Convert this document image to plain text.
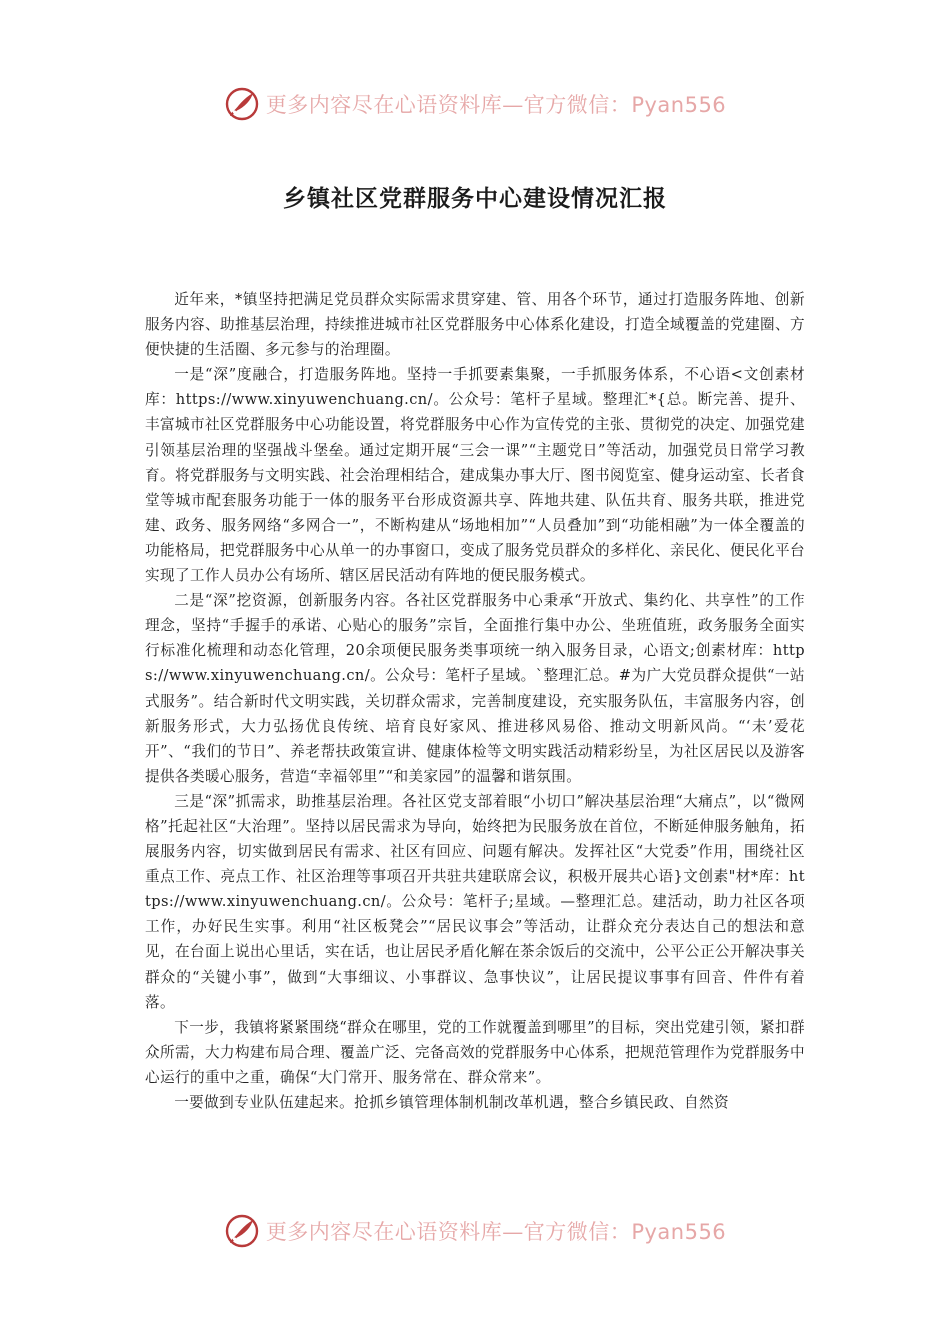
更多内容尽在心语资料库—官方微信：Pyan556
乡镇社区党群服务中心建设情况汇报

近年来，*镇坚持把满足党员群众实际需求贯穿建、管、用各个环节，通过打造服务阵地、创新服务内容、助推基层治理，持续推进城市社区党群服务中心体系化建设，打造全域覆盖的党建圈、方便快捷的生活圈、多元参与的治理圈。

一是“深”度融合，打造服务阵地。坚持一手抓要素集聚，一手抓服务体系，不心语<文创素材库：https://www.xinyuwenchuang.cn/。公众号：笔杆子星域。整理汇*{总。断完善、提升、丰富城市社区党群服务中心功能设置，将党群服务中心作为宣传党的主张、贯彻党的决定、加强党建引领基层治理的坚强战斗堡垒。通过定期开展“三会一课”“主题党日”等活动，加强党员日常学习教育。将党群服务与文明实践、社会治理相结合，建成集办事大厅、图书阅览室、健身运动室、长者食堂等城市配套服务功能于一体的服务平台形成资源共享、阵地共建、队伍共育、服务共联，推进党建、政务、服务网络“多网合一”，不断构建从“场地相加”“人员叠加”到“功能相融”为一体全覆盖的功能格局，把党群服务中心从单一的办事窗口，变成了服务党员群众的多样化、亲民化、便民化平台实现了工作人员办公有场所、辖区居民活动有阵地的便民服务模式。

二是“深”挖资源，创新服务内容。各社区党群服务中心秉承“开放式、集约化、共享性”的工作理念，坚持“手握手的承诺、心贴心的服务”宗旨，全面推行集中办公、坐班值班，政务服务全面实行标准化梳理和动态化管理，20余项便民服务类事项统一纳入服务目录，心语文;创素材库：https://www.xinyuwenchuang.cn/。公众号：笔杆子星域。`整理汇总。#为广大党员群众提供“一站式服务”。结合新时代文明实践，关切群众需求，完善制度建设，充实服务队伍，丰富服务内容，创新服务形式，大力弘扬优良传统、培育良好家风、推进移风易俗、推动文明新风尚。“‘未’爱花开”、“我们的节日”、养老帮扶政策宣讲、健康体检等文明实践活动精彩纷呈，为社区居民以及游客提供各类暖心服务，营造“幸福邻里”“和美家园”的温馨和谐氛围。

三是“深”抓需求，助推基层治理。各社区党支部着眼“小切口”解决基层治理“大痛点”，以“微网格”托起社区“大治理”。坚持以居民需求为导向，始终把为民服务放在首位，不断延伸服务触角，拓展服务内容，切实做到居民有需求、社区有回应、问题有解决。发挥社区“大党委”作用，围绕社区重点工作、亮点工作、社区治理等事项召开共驻共建联席会议，积极开展共心语}文创素"材*库：https://www.xinyuwenchuang.cn/。公众号：笔杆子;星域。—整理汇总。建活动，助力社区各项工作，办好民生实事。利用“社区板凳会”“居民议事会”等活动，让群众充分表达自己的想法和意见，在台面上说出心里话，实在话，也让居民矛盾化解在茶余饭后的交流中，公平公正公开解决事关群众的“关键小事”，做到“大事细议、小事群议、急事快议”，让居民提议事事有回音、件件有着落。

下一步，我镇将紧紧围绕“群众在哪里，党的工作就覆盖到哪里”的目标，突出党建引领，紧扣群众所需，大力构建布局合理、覆盖广泛、完备高效的党群服务中心体系，把规范管理作为党群服务中心运行的重中之重，确保“大门常开、服务常在、群众常来”。

一要做到专业队伍建起来。抢抓乡镇管理体制机制改革机遇，整合乡镇民政、自然资

更多内容尽在心语资料库—官方微信：Pyan556
